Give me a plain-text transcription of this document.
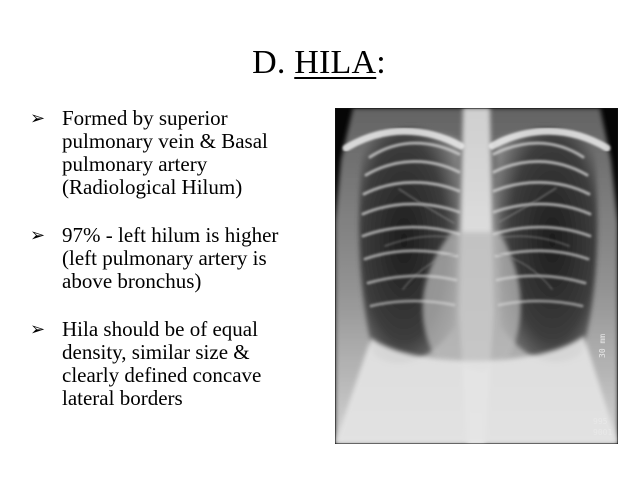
D. HILA:
➢ Formed by superior
pulmonary vein & Basal
pulmonary artery
(Radiological Hilum)
➢ 97% - left hilum is higher
(left pulmonary artery is
above bronchus)
➢ Hila should be of equal
density, similar size &
clearly defined concave
lateral borders
30 mm
995
9001
